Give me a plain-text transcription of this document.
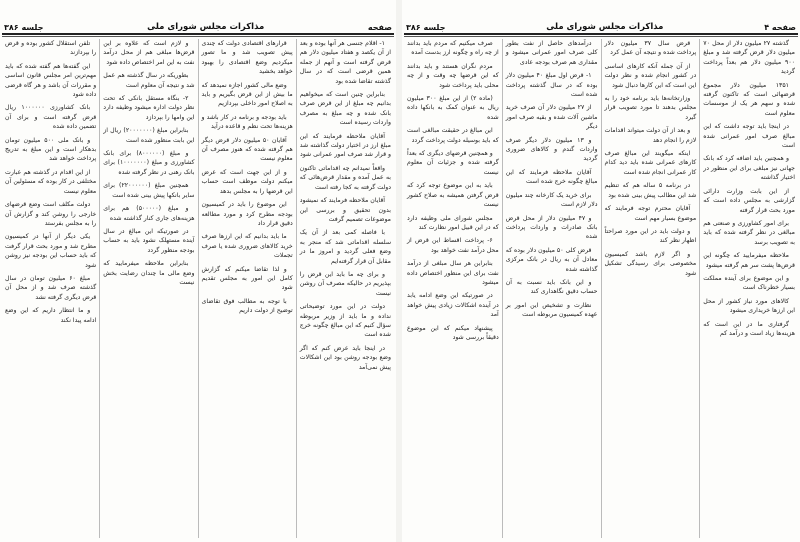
جلسه ۳۸۶	مذاکرات مجلس شورای ملی	صفحه

۱- اقلام جنسی هر آنها بوده و بعد از آن یکصد و هفتاد میلیون دلار هم قرض گرفته است و آنهم از جمله همین قرضی است که در سال گذشته تقاضا شده بود

بنابراین چنین است که میخواهیم بدانیم چه مبلغ از این قرض صرف بانک شده و چه مبلغ به مصرف واردات رسیده است

آقایان ملاحظه فرمایند که این مبلغ ارز در اختیار دولت گذاشته شد و قرار شد صرف امور عمرانی شود

واقعاً نمیدانم چه اقداماتی تاکنون به عمل آمده و مقدار قرض‌هائی که دولت گرفته به کجا رفته است

آقایان ملاحظه فرمایند که نمیشود بدون تحقیق و بررسی این موضوعات تصمیم گرفت

با فاصله کمی بعد از آن یک سلسله اقداماتی شد که منجر به وضع فعلی گردید و امروز ما در مقابل آن قرار گرفته‌ایم

و برای چه ما باید این قرض را بپذیریم در حالیکه مصرف آن روشن نیست

دولت در این مورد توضیحاتی نداده و ما باید از وزیر مربوطه سؤال کنیم که این مبالغ چگونه خرج شده است

در اینجا باید عرض کنم که اگر وضع بودجه روشن بود این اشکالات پیش نمی‌آمد

قرارهای اقتصادی دولت که چندی پیش تصویب شد و ما تصور میکردیم وضع اقتصادی را بهبود خواهد بخشید

وضع مالی کشور اجازه نمیدهد که ما بیش از این قرض بگیریم و باید به اصلاح امور داخلی بپردازیم

باید بودجه و برنامه در کار باشد و هزینه‌ها تحت نظم و قاعده درآید

آقایان ۵۰ میلیون دلار قرض دیگر هم گرفته شده که هنوز مصرف آن معلوم نیست

و از این جهت است که عرض میکنم دولت موظف است حساب این قرضها را به مجلس بدهد

این موضوع را باید در کمیسیون بودجه مطرح کرد و مورد مطالعه دقیق قرار داد

ما باید بدانیم که این ارزها صرف خرید کالاهای ضروری شده یا صرف تجملات

و لذا تقاضا میکنم که گزارش کامل این امور به مجلس تقدیم شود

با توجه به مطالب فوق تقاضای توضیح از دولت داریم

و لازم است که علاوه بر این قرض‌ها مبلغی هم از محل درآمد نفت به این امر اختصاص داده شود

بطوریکه در سال گذشته هم عمل شد و نتیجه آن معلوم است

۲- بنگاه مستقل بانکی که تحت نظر دولت اداره میشود وظیفه دارد این وامها را بپردازد

بنابراین مبلغ (۲۰۰۰۰۰۰۰) ریال از این بابت منظور شده است

و مبلغ (۸۰۰۰۰۰۰) برای بانک کشاورزی و مبلغ (۱۰۰۰۰۰۰۰) برای بانک رهنی در نظر گرفته شده

همچنین مبلغ (۲۲۰۰۰۰۰۰) برای سایر بانکها پیش بینی شده است

و مبلغ (۵۰۰۰۰۰) هم برای هزینه‌های جاری کنار گذاشته شده

در صورتیکه این مبالغ در سال آینده مستهلک نشود باید به حساب بودجه منظور گردد

بنابراین ملاحظه میفرمایید که وضع مالی ما چندان رضایت بخش نیست

تلفن استقلال کشور بوده و قرض را بپردازند

این گفته‌ها هم گفته شده که باید مهم‌ترین امر مجلس قانون اساسی و مقررات آن باشد و هر گاه قرضی داده شود

بانک کشاورزی ۱۰۰۰۰۰۰ ریال قرض گرفته است و برای آن تضمین داده شده

و بانک ملی ۵۰۰ میلیون تومان بدهکار است و این مبلغ به تدریج پرداخت خواهد شد

از این اقدام در گذشته هم عبارت مختلفی در کار بوده که مسئولین آن معلوم نیست

دولت مکلف است وضع قرضهای خارجی را روشن کند و گزارش آن را به مجلس بفرستد

یکی دیگر از آنها در کمیسیون مطرح شد و مورد بحث قرار گرفت که باید حساب این بودجه نیز روشن شود

مبلغ ۶۰ میلیون تومان در سال گذشته صرف شد و از محل آن قرض دیگری گرفته نشد

و ما انتظار داریم که این وضع ادامه پیدا نکند

جلسه ۳۸۶	مذاکرات مجلس شورای ملی	صفحه ۴

گذشته ۲۷ میلیون دلار از محل ۷۰ میلیون دلار قرض گرفته شد و مبلغ ۹۰۰ میلیون دلار هم بعداً پرداخت گردید

۱۳۵۱ میلیون دلار مجموع قرضهائی است که تاکنون گرفته شده و سهم هر یک از موسسات معلوم است

در اینجا باید توجه داشت که این مبالغ صرف امور عمرانی شده است

و همچنین باید اضافه کرد که بانک جهانی نیز مبلغی برای این منظور در اختیار گذاشته

از این بابت وزارت دارائی گزارشی به مجلس داده است که مورد بحث قرار گرفته

برای امور کشاورزی و صنعتی هم مبالغی در نظر گرفته شده که باید به تصویب برسد

ملاحظه میفرمایید که چگونه این قرض‌ها پشت سر هم گرفته میشود

و این موضوع برای آینده مملکت بسیار خطرناک است

کالاهای مورد نیاز کشور از محل این ارزها خریداری میشود

گرفتاری ما در این است که هزینه‌ها زیاد است و درآمد کم

قرض سال ۳۷ میلیون دلار پرداخت شده و نتیجه آن عمل کرد

از آن جمله آنکه کارهای اساسی در کشور انجام شده و نظر دولت این است که این کارها دنبال شود

وزارتخانه‌ها باید برنامه خود را به مجلس بدهند تا مورد تصویب قرار گیرد

و بعد از آن دولت میتواند اقدامات لازم را انجام دهد

اینکه میگویند این مبالغ صرف کارهای عمرانی شده باید دید کدام کار عمرانی انجام شده است

در برنامه ۵ ساله هم که تنظیم شد این مطالب پیش بینی شده بود

آقایان محترم توجه فرمایند که موضوع بسیار مهم است

و دولت باید در این مورد صراحتاً اظهار نظر کند

و اگر لازم باشد کمیسیون مخصوصی برای رسیدگی تشکیل شود

درآمدهای حاصل از نفت بطور کلی صرف امور عمرانی میشود و مقداری هم صرف بودجه عادی

۱- قرض اول مبلغ ۴۰ میلیون دلار بوده که در سال گذشته پرداخت شده است

از ۲۷ میلیون دلار آن صرف خرید ماشین آلات شده و بقیه صرف امور دیگر

و ۱۳ میلیون دلار دیگر صرف واردات گندم و کالاهای ضروری گردید

آقایان ملاحظه فرمایند که این مبالغ چگونه خرج شده است

برای خرید یک کارخانه چند میلیون دلار لازم است

و ۴۷ میلیون دلار از محل قرض بانک صادرات و واردات پرداخت شده

قرض کلی ۵۰ میلیون دلار بوده که معادل آن به ریال در بانک مرکزی گذاشته شده

و این بانک باید نسبت به آن حساب دقیق نگاهداری کند

نظارت و تشخیص این امور بر عهده کمیسیون مربوطه است

صرف میکنیم که مردم باید بدانند از چه راه و چگونه ارز بدست آمده

مردم نگران هستند و باید بدانند که این قرضها چه وقت و از چه محلی باید پرداخت شود

(ماده ۲) از این مبلغ ۳۰۰ میلیون ریال به عنوان کمک به بانکها داده شده

این مبالغ در حقیقت مبالغی است که باید بوسیله دولت پرداخت گردد

و همچنین قرضهای دیگری که بعداً گرفته شده و جزئیات آن معلوم نیست

باید به این موضوع توجه کرد که قرض گرفتن همیشه به صلاح کشور نیست

مجلس شورای ملی وظیفه دارد که در این قبیل امور نظارت کند

۶- پرداخت اقساط این قرض از محل درآمد نفت خواهد بود

بنابراین هر سال مبلغی از درآمد نفت برای این منظور اختصاص داده میشود

در صورتیکه این وضع ادامه یابد در آینده اشکالات زیادی پیش خواهد آمد

پیشنهاد میکنم که این موضوع دقیقاً بررسی شود
